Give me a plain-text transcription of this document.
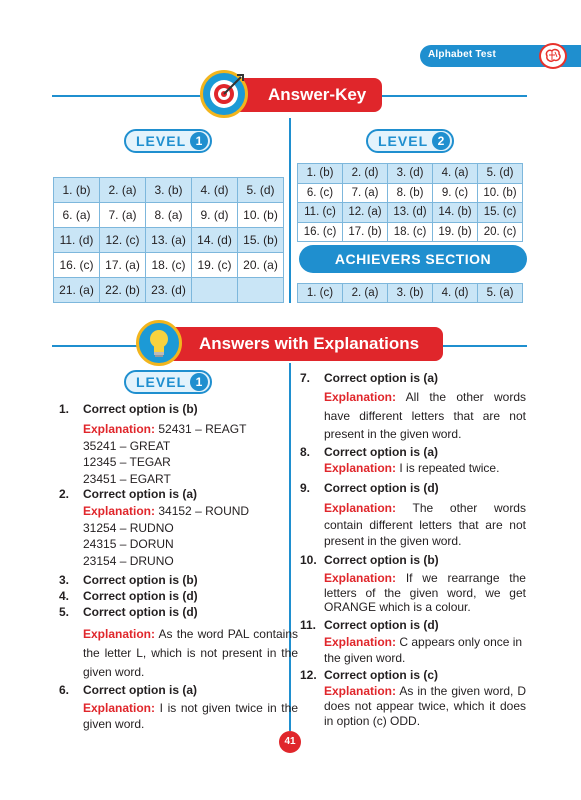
Alphabet Test
Answer-Key
LEVEL 1	LEVEL 2
1. (b)	2. (a)	3. (b)	4. (d)	5. (d)
6. (a)	7. (a)	8. (a)	9. (d)	10. (b)
11. (d)	12. (c)	13. (a)	14. (d)	15. (b)
16. (c)	17. (a)	18. (c)	19. (c)	20. (a)
21. (a)	22. (b)	23. (d)		
1. (b)	2. (d)	3. (d)	4. (a)	5. (d)
6. (c)	7. (a)	8. (b)	9. (c)	10. (b)
11. (c)	12. (a)	13. (d)	14. (b)	15. (c)
16. (c)	17. (b)	18. (c)	19. (b)	20. (c)
ACHIEVERS SECTION
1. (c)	2. (a)	3. (b)	4. (d)	5. (a)
Answers with Explanations
LEVEL 1
1. Correct option is (b)
Explanation: 52431 – REAGT
35241 – GREAT
12345 – TEGAR
23451 – EGART
2. Correct option is (a)
Explanation: 34152 – ROUND
31254 – RUDNO
24315 – DORUN
23154 – DRUNO
3. Correct option is (b)
4. Correct option is (d)
5. Correct option is (d)
Explanation: As the word PAL contains the letter L, which is not present in the given word.
6. Correct option is (a)
Explanation: I is not given twice in the given word.
7. Correct option is (a)
Explanation: All the other words have different letters that are not present in the given word.
8. Correct option is (a)
Explanation: I is repeated twice.
9. Correct option is (d)
Explanation: The other words contain different letters that are not present in the given word.
10. Correct option is (b)
Explanation: If we rearrange the letters of the given word, we get ORANGE which is a colour.
11. Correct option is (d)
Explanation: C appears only once in the given word.
12. Correct option is (c)
Explanation: As in the given word, D does not appear twice, which it does in option (c) ODD.
41
